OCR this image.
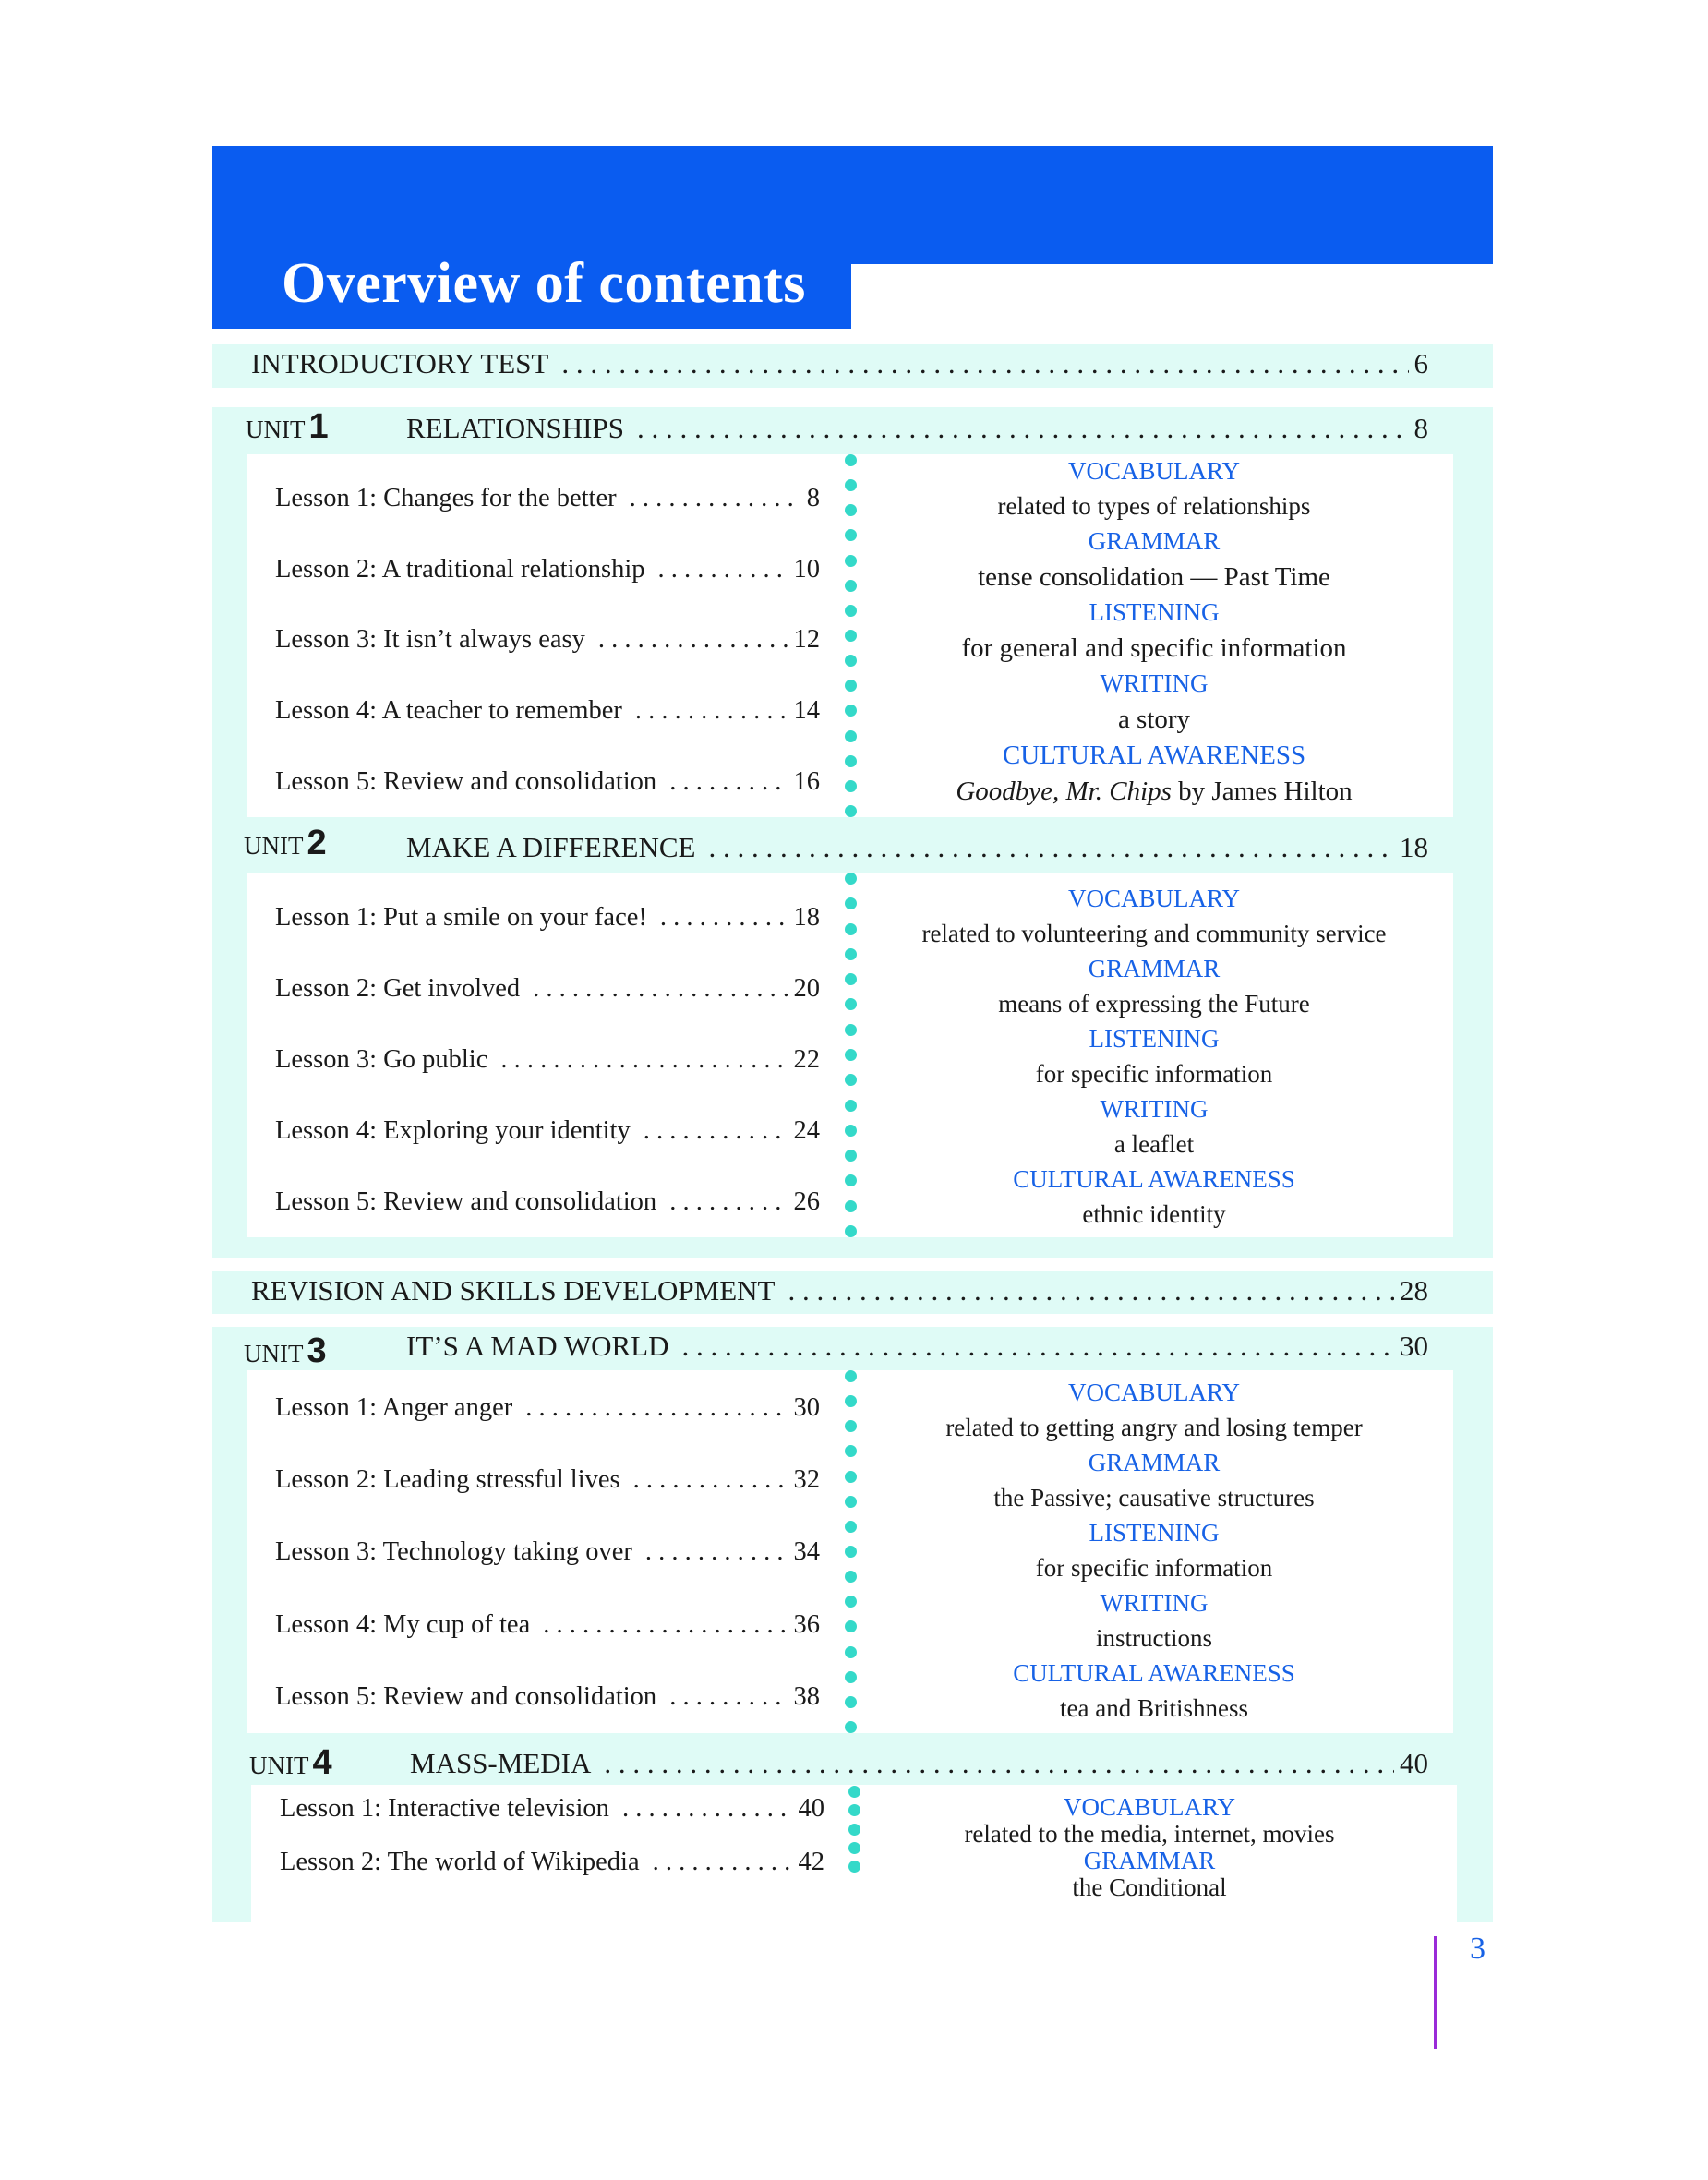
Overview of contents
INTRODUCTORY TEST . . .	6
UNIT 1	RELATIONSHIPS . . .	8
Lesson 1: Changes for the better . . .	8
Lesson 2: A traditional relationship . . .	10
Lesson 3: It isn’t always easy . . .	12
Lesson 4: A teacher to remember . . .	14
Lesson 5: Review and consolidation . . .	16
VOCABULARY
related to types of relationships
GRAMMAR
tense consolidation — Past Time
LISTENING
for general and specific information
WRITING
a story
CULTURAL AWARENESS
Goodbye, Mr. Chips by James Hilton
UNIT 2	MAKE A DIFFERENCE . . .	18
Lesson 1: Put a smile on your face! . . .	18
Lesson 2: Get involved . . .	20
Lesson 3: Go public . . .	22
Lesson 4: Exploring your identity . . .	24
Lesson 5: Review and consolidation . . .	26
VOCABULARY
related to volunteering and community service
GRAMMAR
means of expressing the Future
LISTENING
for specific information
WRITING
a leaflet
CULTURAL AWARENESS
ethnic identity
REVISION AND SKILLS DEVELOPMENT . . .	28
UNIT 3	IT’S A MAD WORLD . . .	30
Lesson 1: Anger anger . . .	30
Lesson 2: Leading stressful lives . . .	32
Lesson 3: Technology taking over . . .	34
Lesson 4: My cup of tea . . .	36
Lesson 5: Review and consolidation . . .	38
VOCABULARY
related to getting angry and losing temper
GRAMMAR
the Passive; causative structures
LISTENING
for specific information
WRITING
instructions
CULTURAL AWARENESS
tea and Britishness
UNIT 4	MASS-MEDIA . . .	40
Lesson 1: Interactive television . . .	40
Lesson 2: The world of Wikipedia . . .	42
VOCABULARY
related to the media, internet, movies
GRAMMAR
the Conditional
3
